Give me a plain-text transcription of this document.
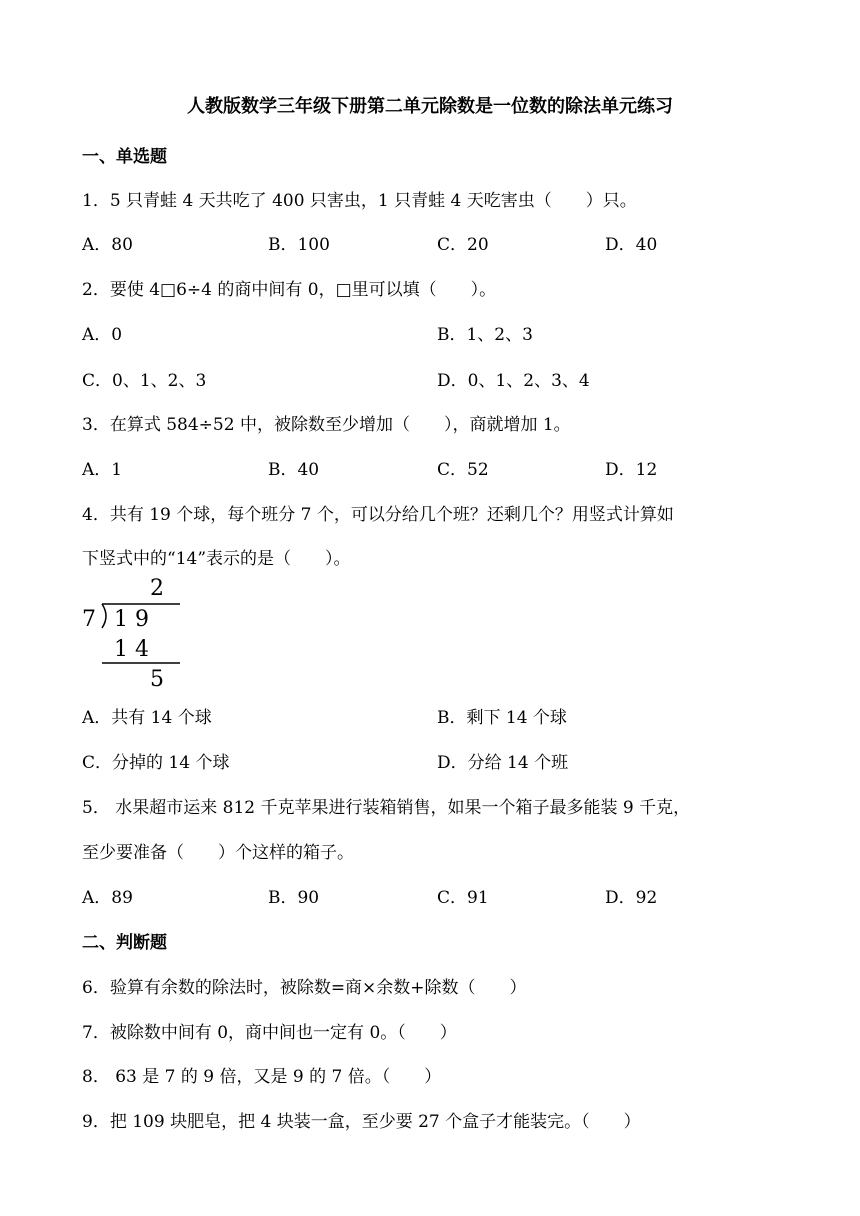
人教版数学三年级下册第二单元除数是一位数的除法单元练习
一、单选题
1．5 只青蛙 4 天共吃了 400 只害虫，1 只青蛙 4 天吃害虫（　　）只。
A．80	B．100	C．20	D．40
2．要使 4□6÷4 的商中间有 0，□里可以填（　　）。
A．0	B．1、2、3
C．0、1、2、3	D．0、1、2、3、4
3．在算式 584÷52 中，被除数至少增加（　　），商就增加 1。
A．1	B．40	C．52	D．12
4．共有 19 个球，每个班分 7 个，可以分给几个班？还剩几个？用竖式计算如
下竖式中的“14”表示的是（　　）。
2
7 1 9
1 4
5
A．共有 14 个球	B．剩下 14 个球
C．分掉的 14 个球	D．分给 14 个班
5． 水果超市运来 812 千克苹果进行装箱销售，如果一个箱子最多能装 9 千克，
至少要准备（　　）个这样的箱子。
A．89	B．90	C．91	D．92
二、判断题
6．验算有余数的除法时，被除数=商×余数+除数（　　）
7．被除数中间有 0，商中间也一定有 0。（　　）
8． 63 是 7 的 9 倍，又是 9 的 7 倍。（　　）
9．把 109 块肥皂，把 4 块装一盒，至少要 27 个盒子才能装完。（　　）
